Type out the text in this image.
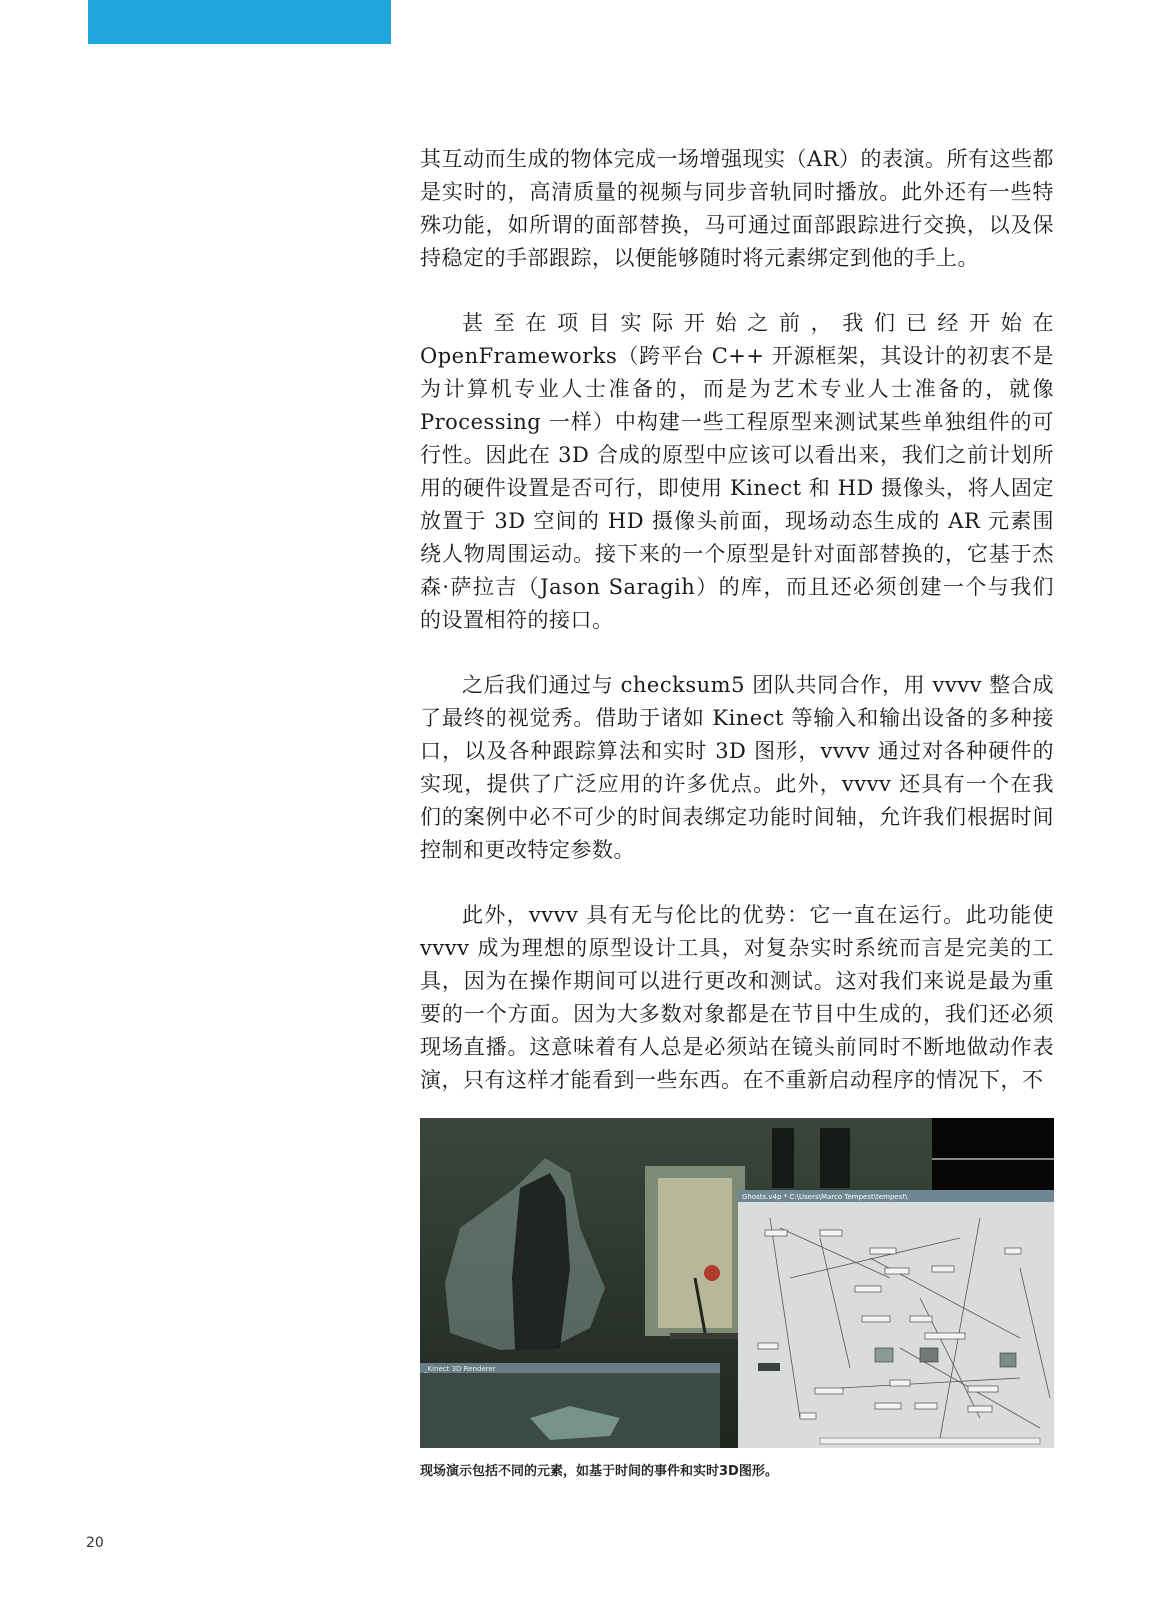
其互动而生成的物体完成一场增强现实（AR）的表演。所有这些都是实时的，高清质量的视频与同步音轨同时播放。此外还有一些特殊功能，如所谓的面部替换，马可通过面部跟踪进行交换，以及保持稳定的手部跟踪，以便能够随时将元素绑定到他的手上。

甚至在项目实际开始之前，我们已经开始在OpenFrameworks（跨平台 C++ 开源框架，其设计的初衷不是为计算机专业人士准备的，而是为艺术专业人士准备的，就像 Processing 一样）中构建一些工程原型来测试某些单独组件的可行性。因此在 3D 合成的原型中应该可以看出来，我们之前计划所用的硬件设置是否可行，即使用 Kinect 和 HD 摄像头，将人固定放置于 3D 空间的 HD 摄像头前面，现场动态生成的 AR 元素围绕人物周围运动。接下来的一个原型是针对面部替换的，它基于杰森·萨拉吉（Jason Saragih）的库，而且还必须创建一个与我们的设置相符的接口。

之后我们通过与 checksum5 团队共同合作，用 vvvv 整合成了最终的视觉秀。借助于诸如 Kinect 等输入和输出设备的多种接口，以及各种跟踪算法和实时 3D 图形，vvvv 通过对各种硬件的实现，提供了广泛应用的许多优点。此外，vvvv 还具有一个在我们的案例中必不可少的时间表绑定功能时间轴，允许我们根据时间控制和更改特定参数。

此外，vvvv 具有无与伦比的优势：它一直在运行。此功能使 vvvv 成为理想的原型设计工具，对复杂实时系统而言是完美的工具，因为在操作期间可以进行更改和测试。这对我们来说是最为重要的一个方面。因为大多数对象都是在节目中生成的，我们还必须现场直播。这意味着有人总是必须站在镜头前同时不断地做动作表演，只有这样才能看到一些东西。在不重新启动程序的情况下，不

_Kinect 3D Renderer
Ghosts.v4p * C:\Users\Marco Tempest\tempest\
现场演示包括不同的元素，如基于时间的事件和实时3D图形。
20
